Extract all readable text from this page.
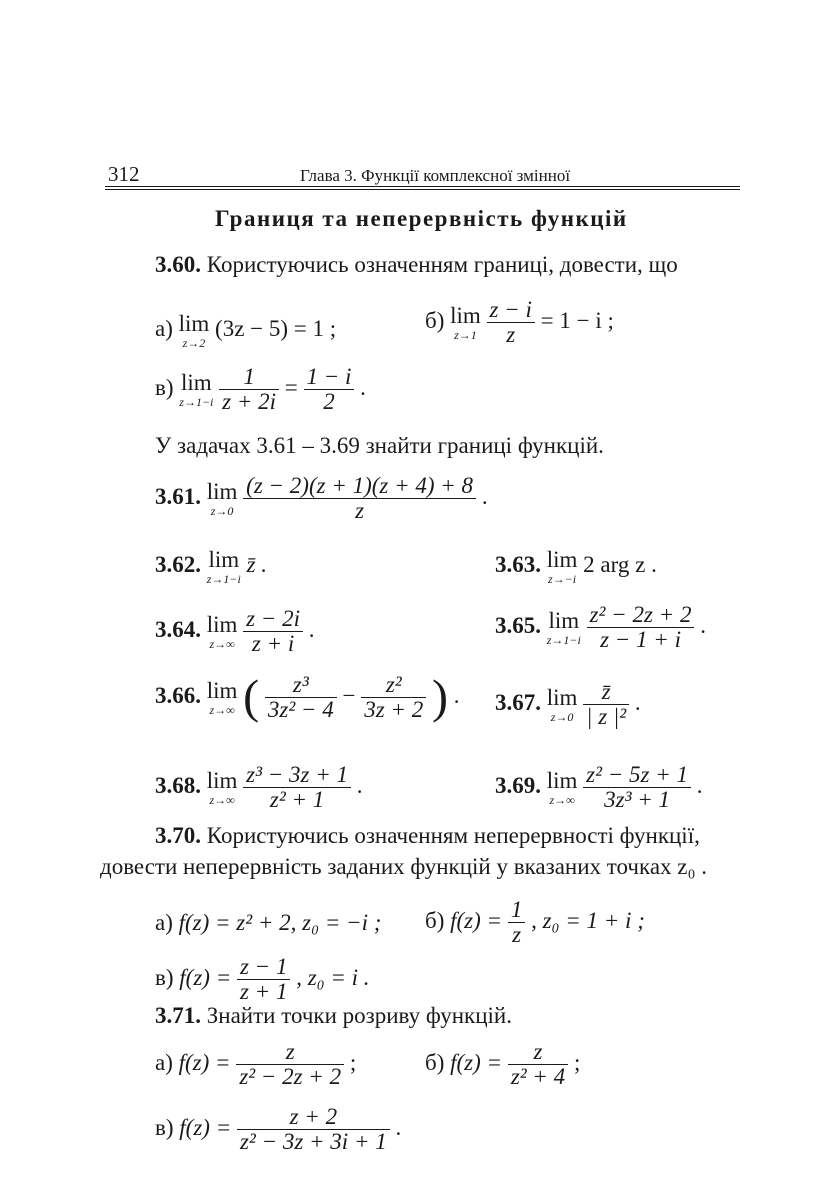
312	Глава 3. Функції комплексної змінної
Границя та неперервність функцій
3.60. Користуючись означенням границі, довести, що
а) lim
z→2
(3z − 5) = 1 ;	б) lim
z→1
$\frac{z - i}{z} = 1 - i$ ;
в) lim
z→1−i
$\frac{1}{z + 2i} = \frac{1 - i}{2}$ .
У задачах 3.61 – 3.69 знайти границі функцій.
3.61. lim
z→0
$\frac{(z - 2)(z + 1)(z + 4) + 8}{z}$ .
3.62. lim
z→1−i
z̄ .	3.63. lim
z→−i
2 arg z .
3.64. lim
z→∞
$\frac{z - 2i}{z + i}$ .	3.65. lim
z→1−i
$\frac{\text{z² − 2z + 2}}{z - 1 + i}$ .
3.66. lim
z→∞ ( $\frac{\text{z³}}{\text{3z² − 4}} - \frac{\text{z²}}{3z + 2}$ ) . 3.67. lim
z→0
$\frac{z̄}{\text{| z |²}}$ .
3.68. lim
z→∞
$\frac{\text{z³ − 3z + 1}}{\text{z² + 1}}$ .	3.69. lim
z→∞
$\frac{\text{z² − 5z + 1}}{\text{3z³ + 1}}$ .
3.70. Користуючись означенням неперервності функції,
довести неперервність заданих функцій у вказаних точках z₀ .
а) f(z) = z² + 2, z₀ = −i ; б) $f(z) = \frac{1}{z}$ , z₀ = 1 + i ;
в) $f(z) = \frac{z - 1}{z + 1}$ , z₀ = i .
3.71. Знайти точки розриву функцій.
а) $f(z) = \frac{z}{\text{z² − 2z + 2}}$ ;	б) $f(z) = \frac{z}{\text{z² + 4}}$ ;
в) $f(z) = \frac{z + 2}{\text{z² − 3z + 3i + 1}}$ .
